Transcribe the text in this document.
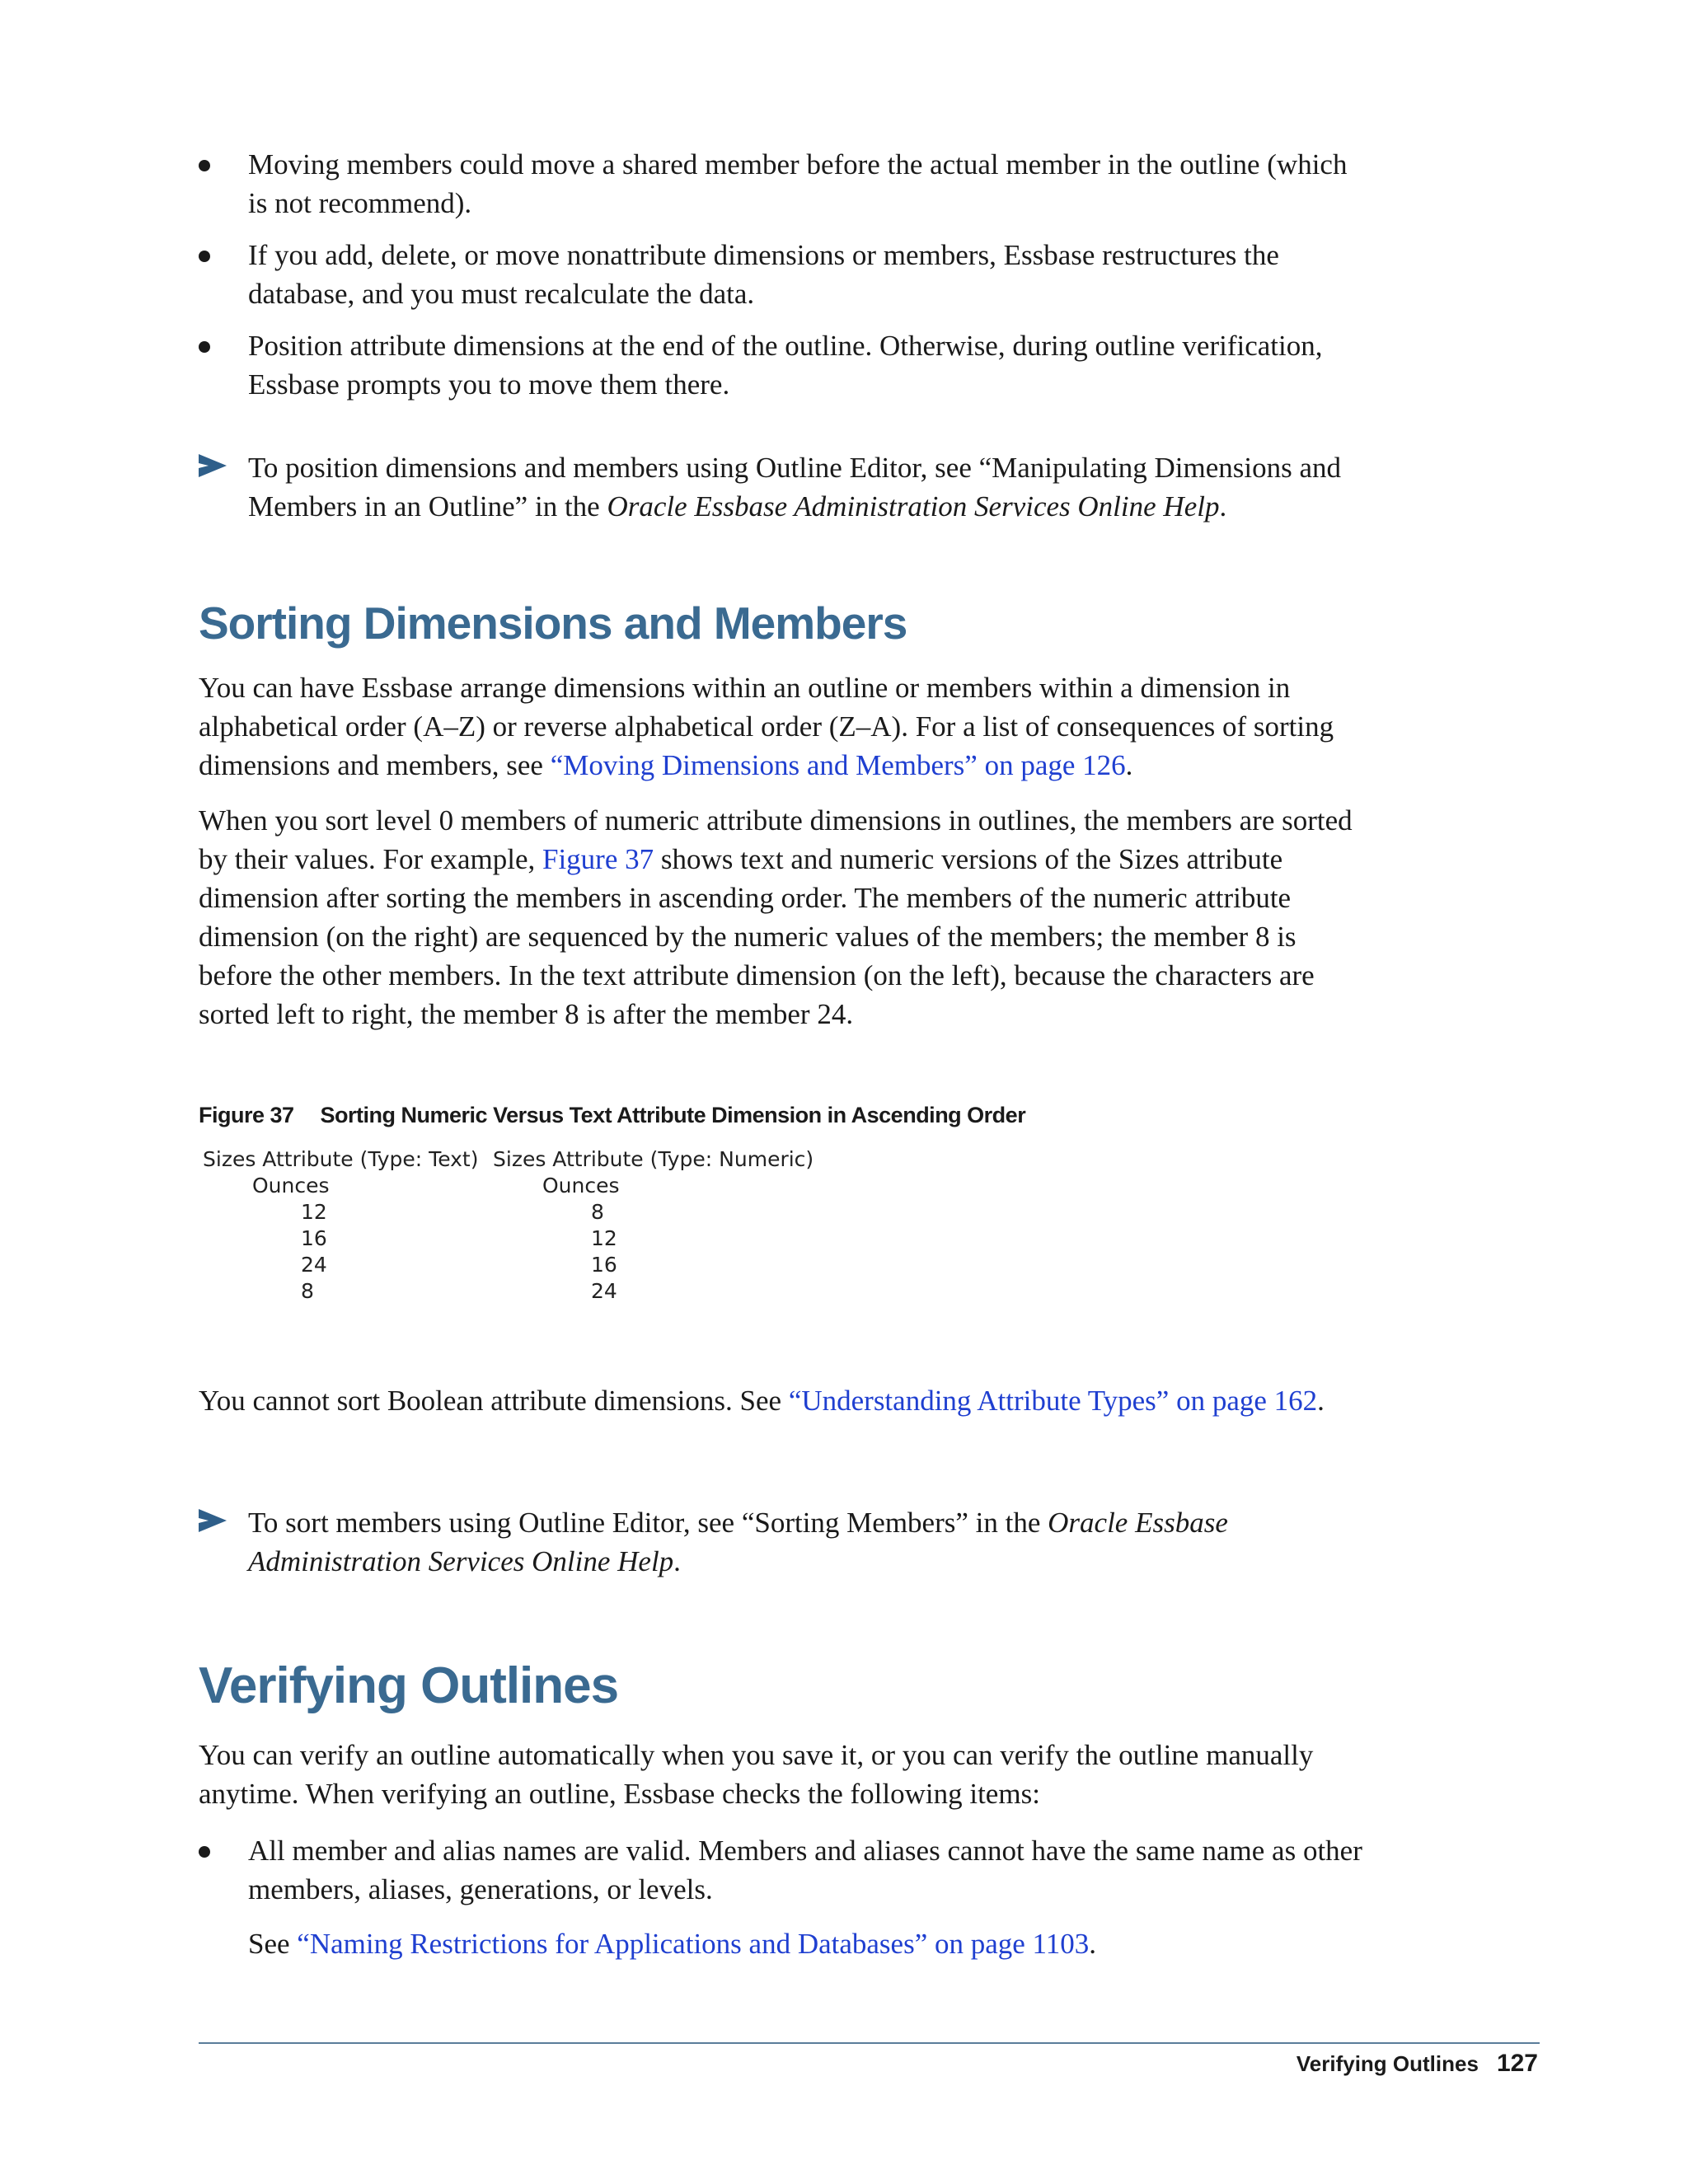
Moving members could move a shared member before the actual member in the outline (which is not recommend).
If you add, delete, or move nonattribute dimensions or members, Essbase restructures the database, and you must recalculate the data.
Position attribute dimensions at the end of the outline. Otherwise, during outline verification, Essbase prompts you to move them there.
To position dimensions and members using Outline Editor, see “Manipulating Dimensions and Members in an Outline” in the Oracle Essbase Administration Services Online Help.
Sorting Dimensions and Members

You can have Essbase arrange dimensions within an outline or members within a dimension in alphabetical order (A–Z) or reverse alphabetical order (Z–A). For a list of consequences of sorting dimensions and members, see “Moving Dimensions and Members” on page 126.

When you sort level 0 members of numeric attribute dimensions in outlines, the members are sorted by their values. For example, Figure 37 shows text and numeric versions of the Sizes attribute dimension after sorting the members in ascending order. The members of the numeric attribute dimension (on the right) are sequenced by the numeric values of the members; the member 8 is before the other members. In the text attribute dimension (on the left), because the characters are sorted left to right, the member 8 is after the member 24.

Figure 37 Sorting Numeric Versus Text Attribute Dimension in Ascending Order
Sizes Attribute (Type: Text) Sizes Attribute (Type: Numeric)
Ounces	Ounces
12
16
24
8
8
12
16
24

You cannot sort Boolean attribute dimensions. See “Understanding Attribute Types” on page 162.

To sort members using Outline Editor, see “Sorting Members” in the Oracle Essbase Administration Services Online Help.
Verifying Outlines

You can verify an outline automatically when you save it, or you can verify the outline manually anytime. When verifying an outline, Essbase checks the following items:

All member and alias names are valid. Members and aliases cannot have the same name as other members, aliases, generations, or levels.

See “Naming Restrictions for Applications and Databases” on page 1103.

Verifying Outlines 127
